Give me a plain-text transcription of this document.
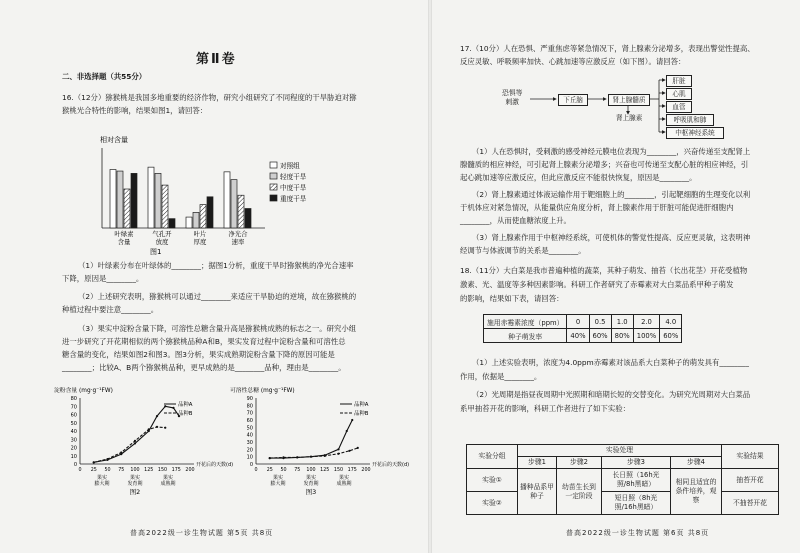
第Ⅱ卷
二、非选择题（共55分）
16.（12分）猕猴桃是我国多地重要的经济作物，研究小组研究了不同程度的干旱胁迫对猕
猴桃光合特性的影响，结果如图1，请回答：
相对含量
叶绿素
含量
气孔开
放度
叶片
厚度
净光合
速率
图1
对照组
轻度干旱
中度干旱
重度干旱
（1）叶绿素分布在叶绿体的________；据图1分析，重度干旱时猕猴桃的净光合速率
下降，原因是________。
（2）上述研究表明，猕猴桃可以通过________来适应干旱胁迫的逆境，故在猕猴桃的
种植过程中要注意________。
（3）果实中淀粉含量下降，可溶性总糖含量升高是猕猴桃成熟的标志之一。研究小组
进一步研究了开花期相似的两个猕猴桃品种A和B，果实发育过程中淀粉含量和可溶性总
糖含量的变化，结果如图2和图3。图3分析，果实成熟期淀粉含量下降的原因可能是
________；比较A、B两个猕猴桃品种，更早成熟的是________品种，理由是________。
淀粉含量 (mg·g⁻¹FW)
0
10
20
30
40
50
60
70
80
0 25 50 75 100 125 150 175 200
开花后的天数(d)
果实
膨大期
果实
发育期
果实
成熟期
品种A
品种B
图2
可溶性总糖 (mg·g⁻¹FW)
0
10
20
30
40
50
60
70
80
90
0 25 50 75 100 125 150 175 200
开花后的天数(d)
果实
膨大期
果实
发育期
果实
成熟期
品种A
品种B
图3
普高2022级一诊生物试题 第5页 共8页
17.（10分）人在恐惧、严重焦虑等紧急情况下，肾上腺素分泌增多，表现出警觉性提高、
反应灵敏、呼吸频率加快、心跳加速等应激反应（如下图）。请回答：
恐惧等
刺激	下丘脑	肾上腺髓质
肾上腺素
肝脏
心肌
血管
呼吸肌和肺
中枢神经系统
（1）人在恐惧时，受刺激的感受神经元膜电位表现为________，兴奋传递至支配肾上
腺髓质的相应神经，可引起肾上腺素分泌增多；兴奋也可传递至支配心脏的相应神经，引
起心跳加速等应激反应，但此应激反应不能很快恢复，原因是________。
（2）肾上腺素通过体液运输作用于靶细胞上的________，引起靶细胞的生理变化以利
于机体应对紧急情况，从能量供应角度分析，肾上腺素作用于肝脏可能促进肝细胞内
________，从而使血糖浓度上升。
（3）肾上腺素作用于中枢神经系统，可使机体的警觉性提高、反应更灵敏，这表明神
经调节与体液调节的关系是________。
18.（11分）大白菜是我市普遍种植的蔬菜，其种子萌发、抽苔（长出花茎）开花受植物
激素、光、温度等多种因素影响。科研工作者研究了赤霉素对大白菜品系甲种子萌发
的影响，结果如下表，请回答：
施用赤霉素浓度（ppm）	0	0.5	1.0	2.0	4.0
种子萌发率	40%	60%	80%	100%	60%
（1）上述实验表明，浓度为4.0ppm赤霉素对该品系大白菜种子的萌发具有________
作用，依据是________。
（2）光周期是指昼夜周期中光照期和暗期长短的交替变化。为研究光周期对大白菜品
系甲抽苔开花的影响，科研工作者进行了如下实验：
实验分组	实验处理				实验结果
	步骤1	步骤2	步骤3	步骤4	
实验①	播种品系甲种子	幼苗生长到一定阶段	长日照（16h光照/8h黑暗）	相同且适宜的条件培养，观察	抽苔开花
实验②			短日照（8h光照/16h黑暗）		不抽苔开花
普高2022级一诊生物试题 第6页 共8页
